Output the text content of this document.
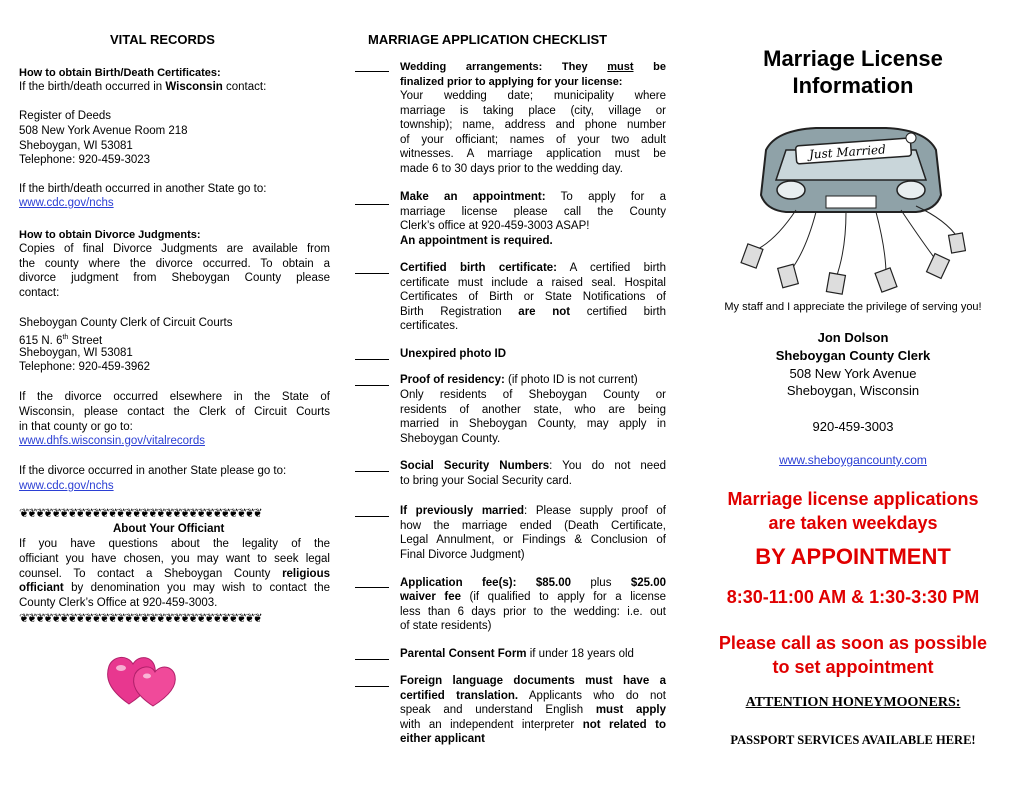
VITAL RECORDS
How to obtain Birth/Death Certificates:
If the birth/death occurred in Wisconsin contact:
Register of Deeds
508 New York Avenue Room 218
Sheboygan, WI 53081
Telephone: 920-459-3023
If the birth/death occurred in another State go to:
www.cdc.gov/nchs
How to obtain Divorce Judgments:
Copies of final Divorce Judgments are available from
the county where the divorce occurred. To obtain a
divorce judgment from Sheboygan County please
contact:
Sheboygan County Clerk of Circuit Courts
615 N. 6th Street
Sheboygan, WI 53081
Telephone: 920-459-3962
If the divorce occurred elsewhere in the State of
Wisconsin, please contact the Clerk of Circuit Courts
in that county or go to:
www.dhfs.wisconsin.gov/vitalrecords
If the divorce occurred in another State please go to:
www.cdc.gov/nchs
❦❦❦❦❦❦❦❦❦❦❦❦❦❦❦❦❦❦❦❦❦❦❦❦❦❦❦❦❦❦
About Your Officiant
If you have questions about the legality of the
officiant you have chosen, you may want to seek legal
counsel. To contact a Sheboygan County religious
officiant by denomination you may wish to contact the
County Clerk’s Office at 920-459-3003.
❦❦❦❦❦❦❦❦❦❦❦❦❦❦❦❦❦❦❦❦❦❦❦❦❦❦❦❦❦❦
MARRIAGE APPLICATION CHECKLIST
Wedding arrangements: They must be
finalized prior to applying for your license:
Your wedding date; municipality where
marriage is taking place (city, village or
township); name, address and phone number
of your officiant; names of your two adult
witnesses. A marriage application must be
made 6 to 30 days prior to the wedding day.
Make an appointment: To apply for a
marriage license please call the County
Clerk’s office at 920-459-3003 ASAP!
An appointment is required.
Certified birth certificate: A certified birth
certificate must include a raised seal. Hospital
Certificates of Birth or State Notifications of
Birth Registration are not certified birth
certificates.
Unexpired photo ID
Proof of residency: (if photo ID is not current)
Only residents of Sheboygan County or
residents of another state, who are being
married in Sheboygan County, may apply in
Sheboygan County.
Social Security Numbers: You do not need
to bring your Social Security card.
If previously married: Please supply proof of
how the marriage ended (Death Certificate,
Legal Annulment, or Findings & Conclusion of
Final Divorce Judgment)
Application fee(s): $85.00 plus $25.00
waiver fee (if qualified to apply for a license
less than 6 days prior to the wedding: i.e. out
of state residents)
Parental Consent Form if under 18 years old
Foreign language documents must have a
certified translation. Applicants who do not
speak and understand English must apply
with an independent interpreter not related to
either applicant
Marriage License
Information
Just Married
My staff and I appreciate the privilege of serving you!
Jon Dolson
Sheboygan County Clerk
508 New York Avenue
Sheboygan, Wisconsin
920-459-3003
www.sheboygancounty.com
Marriage license applications
are taken weekdays
BY APPOINTMENT
8:30-11:00 AM & 1:30-3:30 PM
Please call as soon as possible
to set appointment
ATTENTION HONEYMOONERS:
PASSPORT SERVICES AVAILABLE HERE!
